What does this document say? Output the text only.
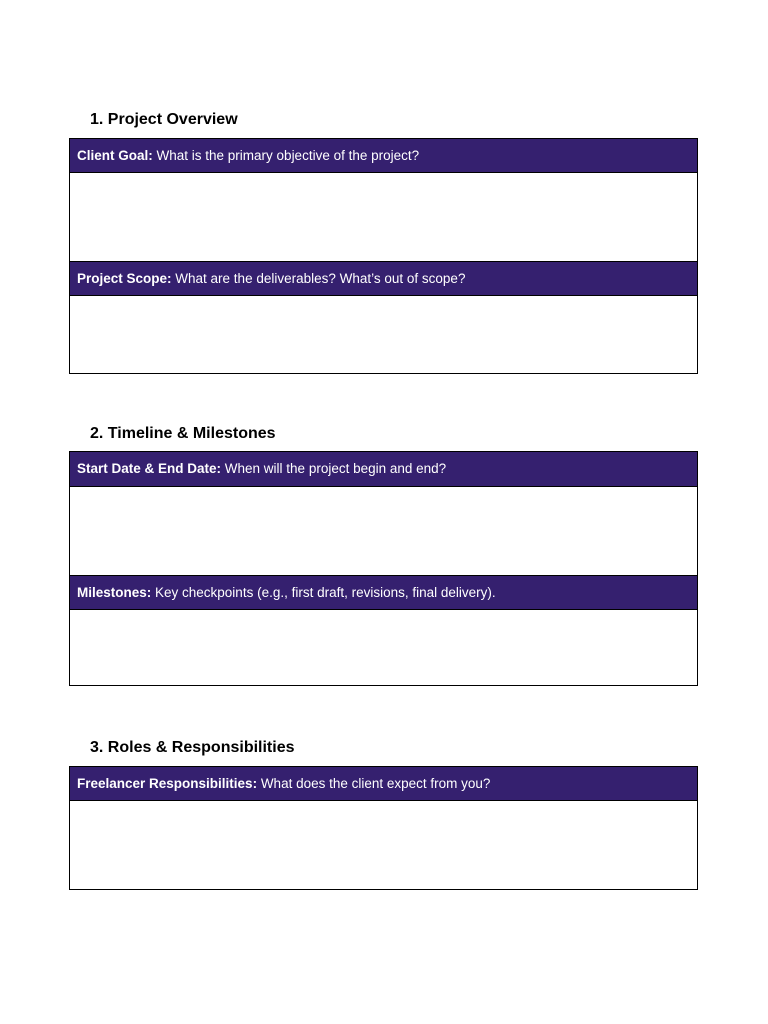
1. Project Overview
Client Goal: What is the primary objective of the project?
Project Scope: What are the deliverables? What’s out of scope?
2. Timeline & Milestones
Start Date & End Date: When will the project begin and end?
Milestones: Key checkpoints (e.g., first draft, revisions, final delivery).
3. Roles & Responsibilities
Freelancer Responsibilities: What does the client expect from you?
